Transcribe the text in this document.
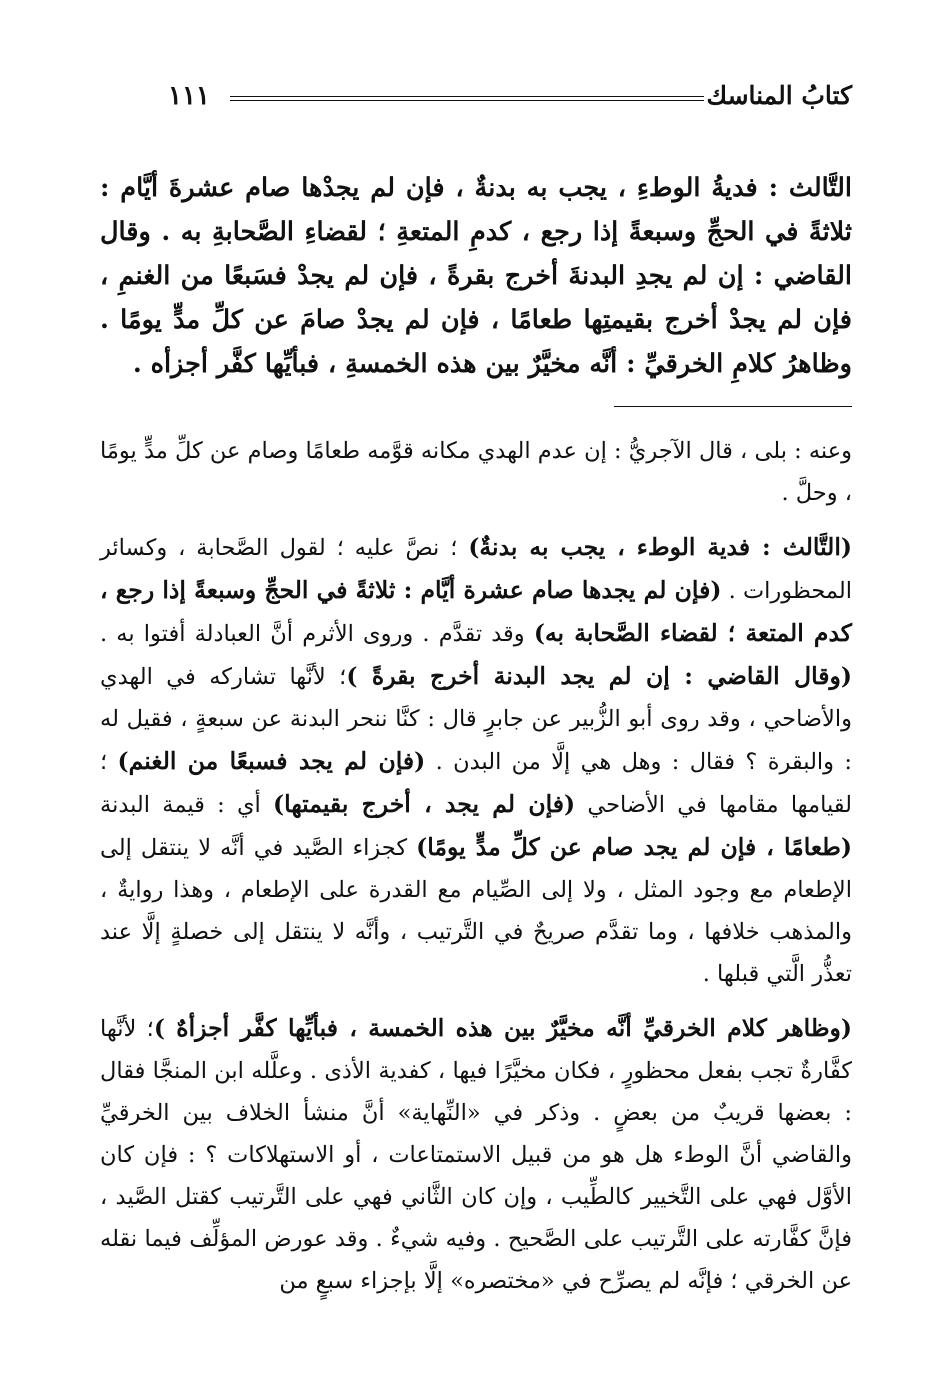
كتابُ المناسك
١١١

التَّالث : فديةُ الوطءِ ، يجب به بدنةٌ ، فإن لم يجدْها صام عشرةَ أيَّام : ثلاثةً في الحجِّ وسبعةً إذا رجع ، كدمِ المتعةِ ؛ لقضاءِ الصَّحابةِ به . وقال القاضي : إن لم يجدِ البدنةَ أخرج بقرةً ، فإن لم يجدْ فسَبعًا من الغنمِ ، فإن لم يجدْ أخرج بقيمتِها طعامًا ، فإن لم يجدْ صامَ عن كلِّ مدٍّ يومًا . وظاهرُ كلامِ الخرقيِّ : أنَّه مخيَّرٌ بين هذه الخمسةِ ، فبأيِّها كفَّر أجزأه .

وعنه : بلى ، قال الآجريُّ : إن عدم الهدي مكانه قوَّمه طعامًا وصام عن كلِّ مدٍّ يومًا ، وحلَّ .

(التَّالث : فدية الوطء ، يجب به بدنةٌ) ؛ نصَّ عليه ؛ لقول الصَّحابة ، وكسائر المحظورات . (فإن لم يجدها صام عشرة أيَّام : ثلاثةً في الحجِّ وسبعةً إذا رجع ، كدم المتعة ؛ لقضاء الصَّحابة به) وقد تقدَّم . وروى الأثرم أنَّ العبادلة أفتوا به . (وقال القاضي : إن لم يجد البدنة أخرج بقرةً )؛ لأنَّها تشاركه في الهدي والأضاحي ، وقد روى أبو الزُّبير عن جابرٍ قال : كنَّا ننحر البدنة عن سبعةٍ ، فقيل له : والبقرة ؟ فقال : وهل هي إلَّا من البدن . (فإن لم يجد فسبعًا من الغنم) ؛ لقيامها مقامها في الأضاحي (فإن لم يجد ، أخرج بقيمتها) أي : قيمة البدنة (طعامًا ، فإن لم يجد صام عن كلِّ مدٍّ يومًا) كجزاء الصَّيد في أنَّه لا ينتقل إلى الإطعام مع وجود المثل ، ولا إلى الصِّيام مع القدرة على الإطعام ، وهذا روايةٌ ، والمذهب خلافها ، وما تقدَّم صريحٌ في التَّرتيب ، وأنَّه لا ينتقل إلى خصلةٍ إلَّا عند تعذُّر الَّتي قبلها .

(وظاهر كلام الخرقيِّ أنَّه مخيَّرٌ بين هذه الخمسة ، فبأيِّها كفَّر أجزأهٌ )؛ لأنَّها كفَّارةٌ تجب بفعل محظورٍ ، فكان مخيَّرًا فيها ، كفدية الأذى . وعلَّله ابن المنجَّا فقال : بعضها قريبٌ من بعضٍ . وذكر في «النِّهاية» أنَّ منشأ الخلاف بين الخرقيِّ والقاضي أنَّ الوطء هل هو من قبيل الاستمتاعات ، أو الاستهلاكات ؟ : فإن كان الأوَّل فهي على التَّخيير كالطِّيب ، وإن كان الثَّاني فهي على التَّرتيب كقتل الصَّيد ، فإنَّ كفَّارته على التَّرتيب على الصَّحيح . وفيه شيءٌ . وقد عورض المؤلِّف فيما نقله عن الخرقي ؛ فإنَّه لم يصرِّح في «مختصره» إلَّا بإجزاء سبعٍ من
